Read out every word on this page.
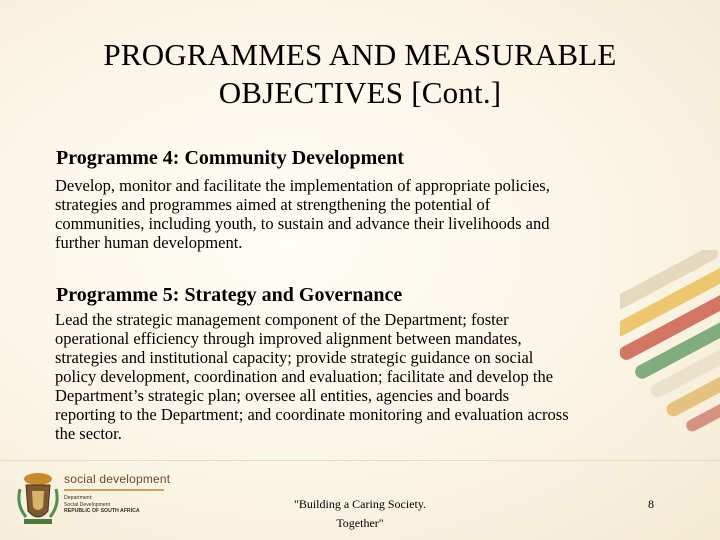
PROGRAMMES AND MEASURABLE
OBJECTIVES [Cont.]
Programme 4: Community Development
Develop, monitor and facilitate the implementation of appropriate policies,
strategies and programmes aimed at strengthening the potential of
communities, including youth, to sustain and advance their livelihoods and
further human development.
Programme 5: Strategy and Governance
Lead the strategic management component of the Department; foster
operational efficiency through improved alignment between mandates,
strategies and institutional capacity; provide strategic guidance on social
policy development, coordination and evaluation; facilitate and develop the
Department’s strategic plan; oversee all entities, agencies and boards
reporting to the Department; and coordinate monitoring and evaluation across
the sector.
social development
Department:
Social Development
REPUBLIC OF SOUTH AFRICA	"Building a Caring Society.
Together"
8
